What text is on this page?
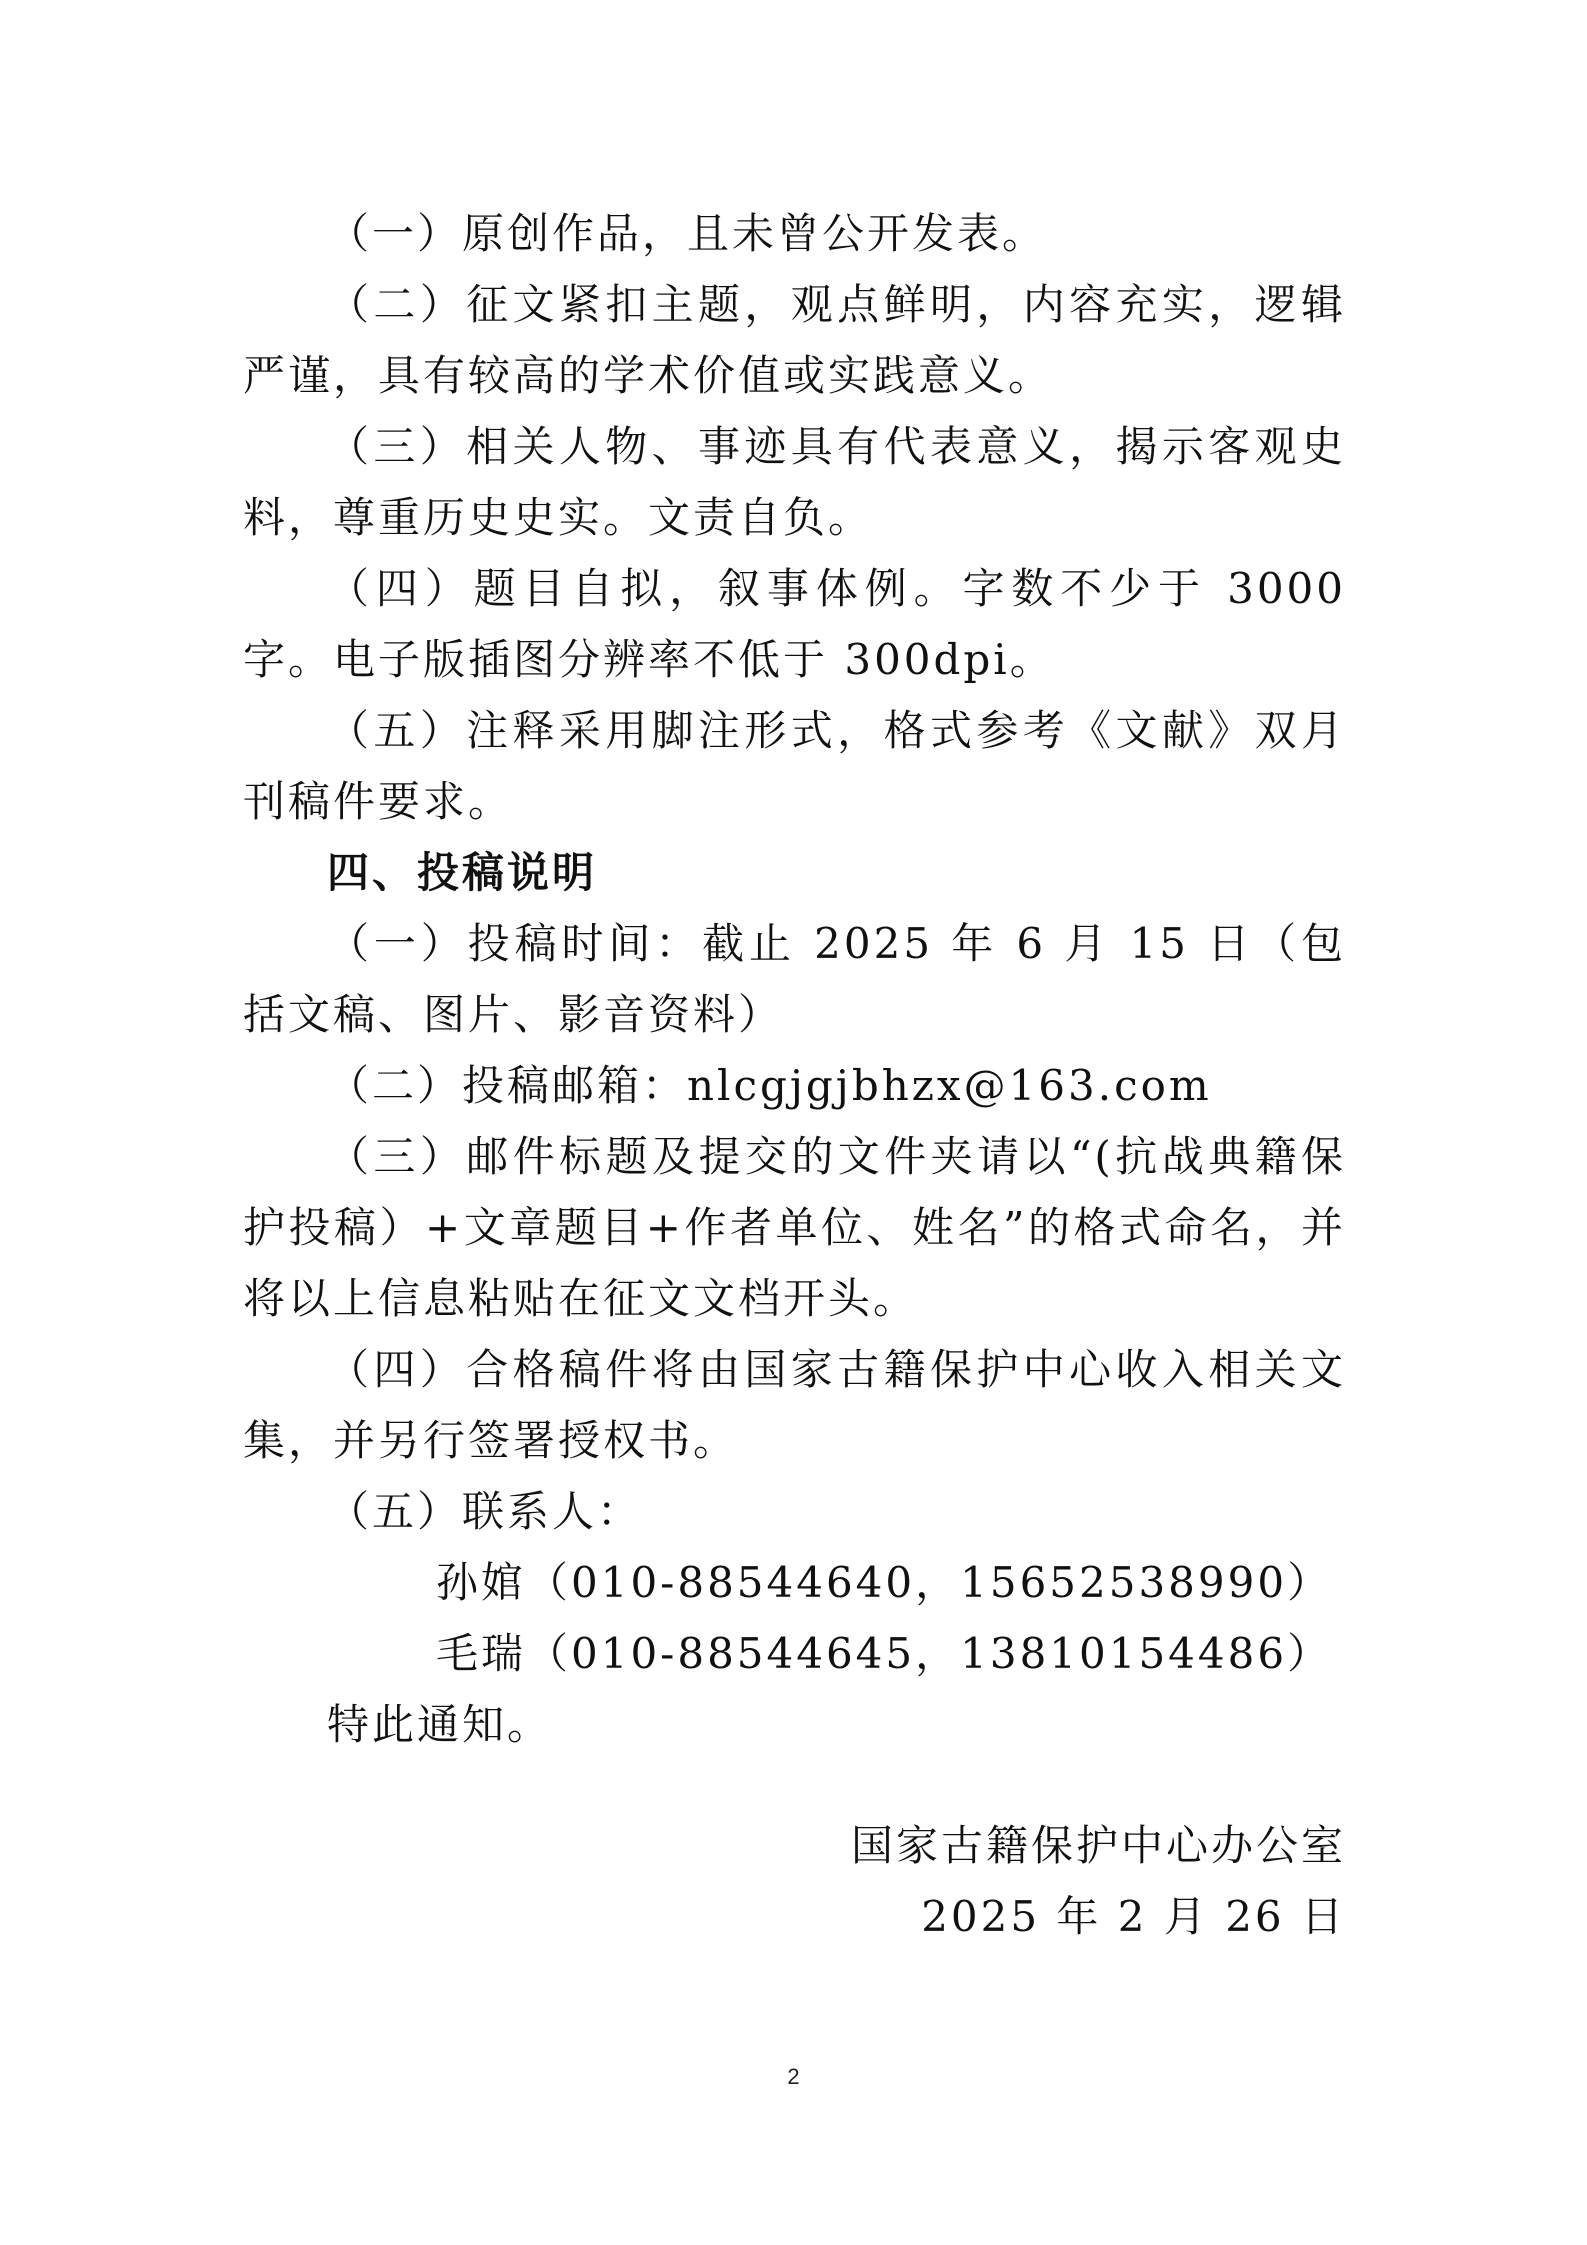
（一）原创作品，且未曾公开发表。

（二）征文紧扣主题，观点鲜明，内容充实，逻辑严谨，具有较高的学术价值或实践意义。

（三）相关人物、事迹具有代表意义，揭示客观史料，尊重历史史实。文责自负。

（四）题目自拟，叙事体例。字数不少于 3000 字。电子版插图分辨率不低于 300dpi。

（五）注释采用脚注形式，格式参考《文献》双月刊稿件要求。

四、投稿说明

（一）投稿时间：截止 2025 年 6 月 15 日（包括文稿、图片、影音资料）

（二）投稿邮箱：nlcgjgjbhzx@163.com

（三）邮件标题及提交的文件夹请以“(抗战典籍保护投稿）+文章题目+作者单位、姓名”的格式命名，并将以上信息粘贴在征文文档开头。

（四）合格稿件将由国家古籍保护中心收入相关文集，并另行签署授权书。

（五）联系人：

孙婠（010-88544640，15652538990）

毛瑞（010-88544645，13810154486）

特此通知。

国家古籍保护中心办公室
2025 年 2 月 26 日
2
